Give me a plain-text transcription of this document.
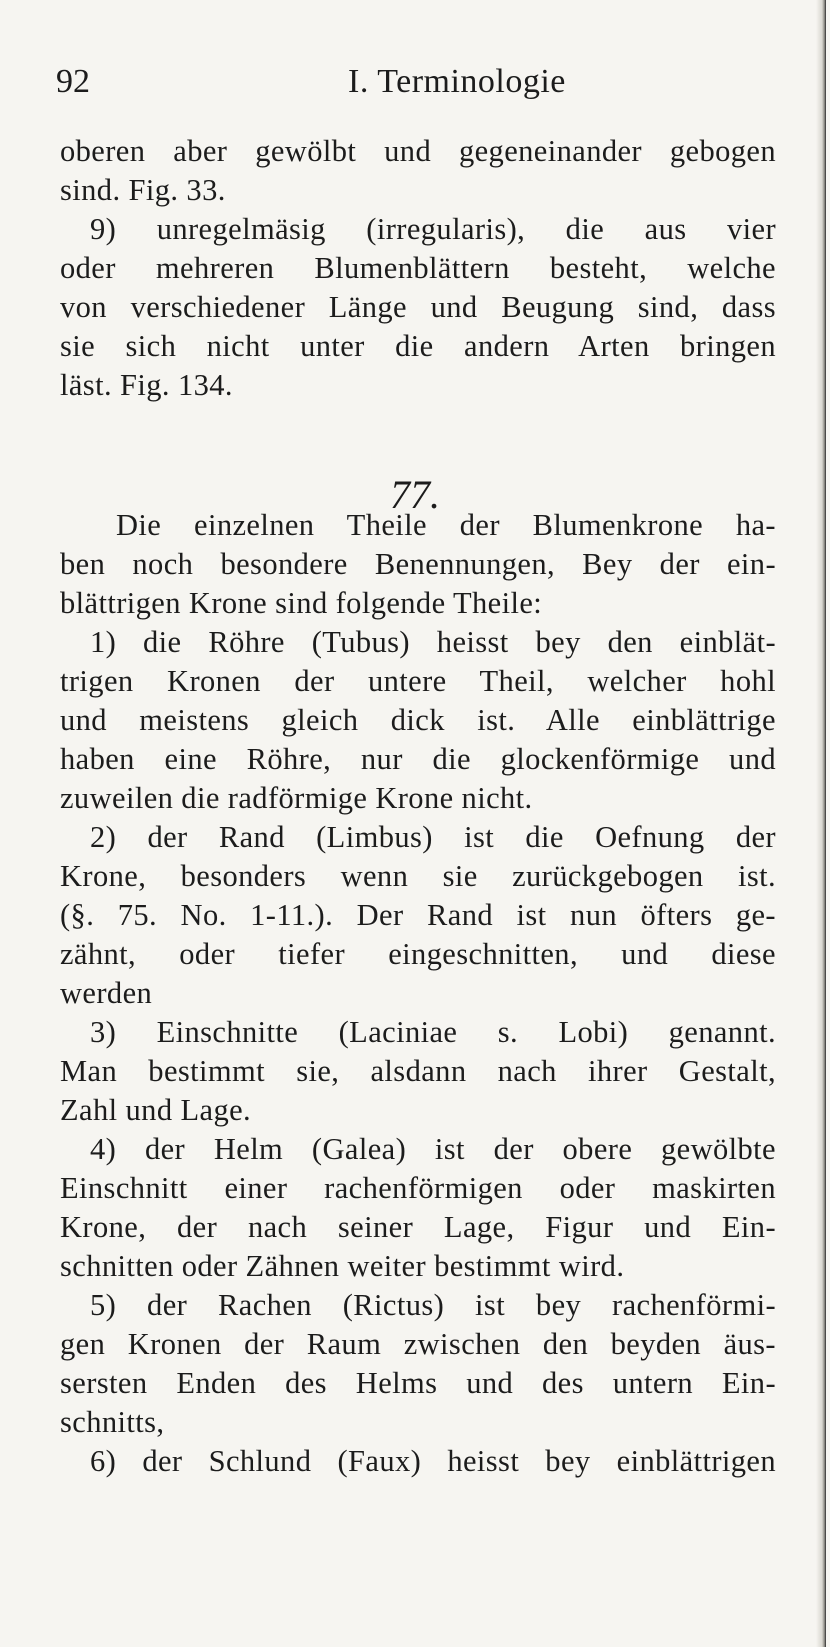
92	I. Terminologie
oberen aber gewölbt und gegeneinander gebogen
sind. Fig. 33.
9) unregelmäsig (irregularis), die aus vier
oder mehreren Blumenblättern besteht, welche
von verschiedener Länge und Beugung sind, dass
sie sich nicht unter die andern Arten bringen
läst. Fig. 134.
77.
Die einzelnen Theile der Blumenkrone ha-
ben noch besondere Benennungen, Bey der ein-
blättrigen Krone sind folgende Theile:
1) die Röhre (Tubus) heisst bey den einblät-
trigen Kronen der untere Theil, welcher hohl
und meistens gleich dick ist. Alle einblättrige
haben eine Röhre, nur die glockenförmige und
zuweilen die radförmige Krone nicht.
2) der Rand (Limbus) ist die Oefnung der
Krone, besonders wenn sie zurückgebogen ist.
(§. 75. No. 1-11.). Der Rand ist nun öfters ge-
zähnt, oder tiefer eingeschnitten, und diese
werden
3) Einschnitte (Laciniae s. Lobi) genannt.
Man bestimmt sie, alsdann nach ihrer Gestalt,
Zahl und Lage.
4) der Helm (Galea) ist der obere gewölbte
Einschnitt einer rachenförmigen oder maskirten
Krone, der nach seiner Lage, Figur und Ein-
schnitten oder Zähnen weiter bestimmt wird.
5) der Rachen (Rictus) ist bey rachenförmi-
gen Kronen der Raum zwischen den beyden äus-
sersten Enden des Helms und des untern Ein-
schnitts,
6) der Schlund (Faux) heisst bey einblättrigen
